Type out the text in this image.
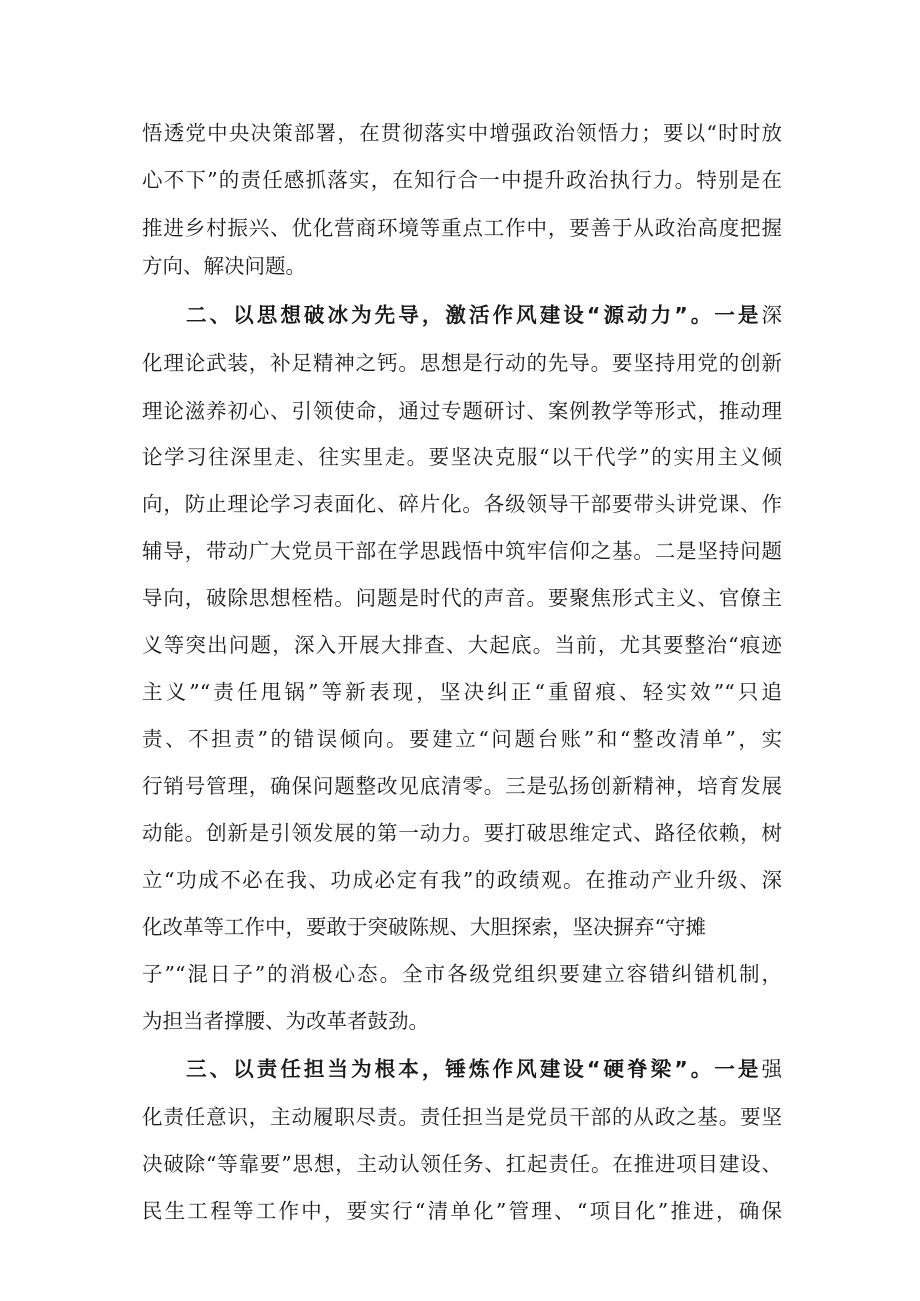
悟透党中央决策部署，在贯彻落实中增强政治领悟力；要以“时时放
心不下”的责任感抓落实，在知行合一中提升政治执行力。特别是在
推进乡村振兴、优化营商环境等重点工作中，要善于从政治高度把握
方向、解决问题。
二、以思想破冰为先导，激活作风建设“源动力”。一是深
化理论武装，补足精神之钙。思想是行动的先导。要坚持用党的创新
理论滋养初心、引领使命，通过专题研讨、案例教学等形式，推动理
论学习往深里走、往实里走。要坚决克服“以干代学”的实用主义倾
向，防止理论学习表面化、碎片化。各级领导干部要带头讲党课、作
辅导，带动广大党员干部在学思践悟中筑牢信仰之基。二是坚持问题
导向，破除思想桎梏。问题是时代的声音。要聚焦形式主义、官僚主
义等突出问题，深入开展大排查、大起底。当前，尤其要整治“痕迹
主义”“责任甩锅”等新表现，坚决纠正“重留痕、轻实效”“只追
责、不担责”的错误倾向。要建立“问题台账”和“整改清单”，实
行销号管理，确保问题整改见底清零。三是弘扬创新精神，培育发展
动能。创新是引领发展的第一动力。要打破思维定式、路径依赖，树
立“功成不必在我、功成必定有我”的政绩观。在推动产业升级、深
化改革等工作中，要敢于突破陈规、大胆探索，坚决摒弃“守摊
子”“混日子”的消极心态。全市各级党组织要建立容错纠错机制，
为担当者撑腰、为改革者鼓劲。
三、以责任担当为根本，锤炼作风建设“硬脊梁”。一是强
化责任意识，主动履职尽责。责任担当是党员干部的从政之基。要坚
决破除“等靠要”思想，主动认领任务、扛起责任。在推进项目建设、
民生工程等工作中，要实行“清单化”管理、“项目化”推进，确保
